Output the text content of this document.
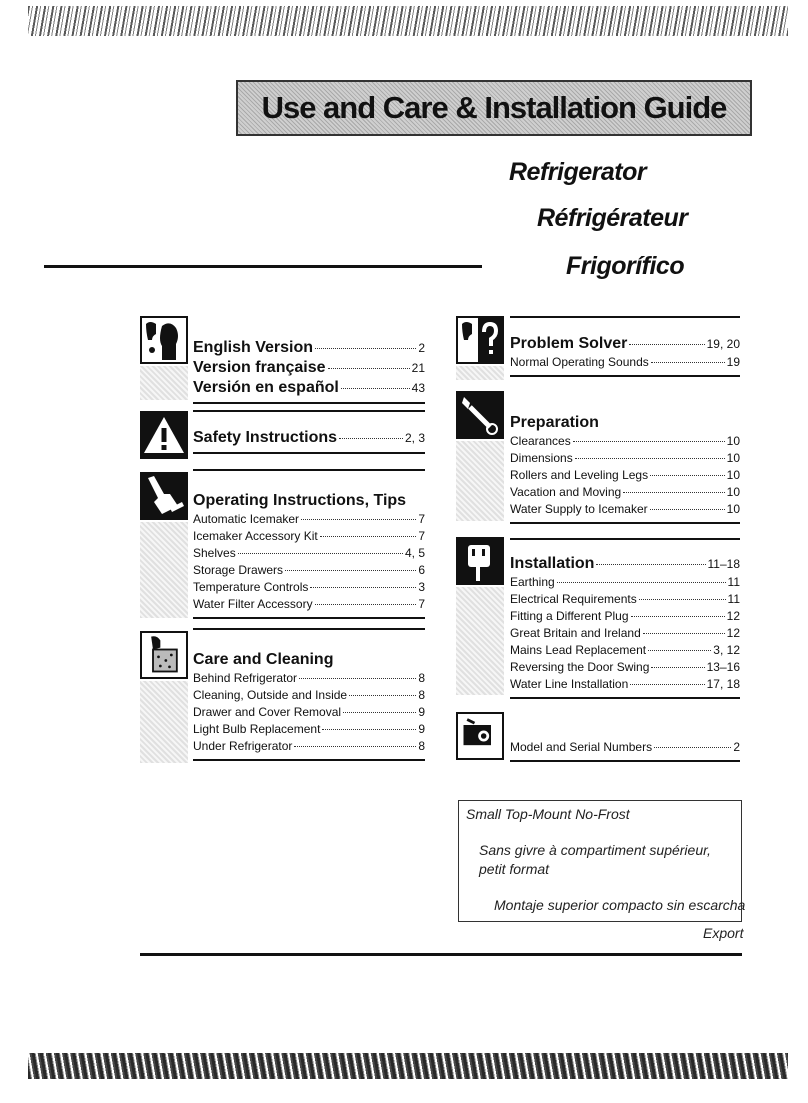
Use and Care & Installation Guide
Refrigerator
Réfrigérateur
Frigorífico
English Version	2
Version française	21
Versión en español	43
Safety Instructions	2, 3
Operating Instructions, Tips
Automatic Icemaker	7
Icemaker Accessory Kit	7
Shelves	4, 5
Storage Drawers	6
Temperature Controls	3
Water Filter Accessory	7
Care and Cleaning
Behind Refrigerator	8
Cleaning, Outside and Inside	8
Drawer and Cover Removal	9
Light Bulb Replacement	9
Under Refrigerator	8
Problem Solver	19, 20
Normal Operating Sounds	19
Preparation
Clearances	10
Dimensions	10
Rollers and Leveling Legs	10
Vacation and Moving	10
Water Supply to Icemaker	10
Installation	11–18
Earthing	11
Electrical Requirements	11
Fitting a Different Plug	12
Great Britain and Ireland	12
Mains Lead Replacement	3, 12
Reversing the Door Swing	13–16
Water Line Installation	17, 18
Model and Serial Numbers	2
Small Top-Mount No-Frost
Sans givre à compartiment supérieur,
petit format
Montaje superior compacto sin escarcha
Export
